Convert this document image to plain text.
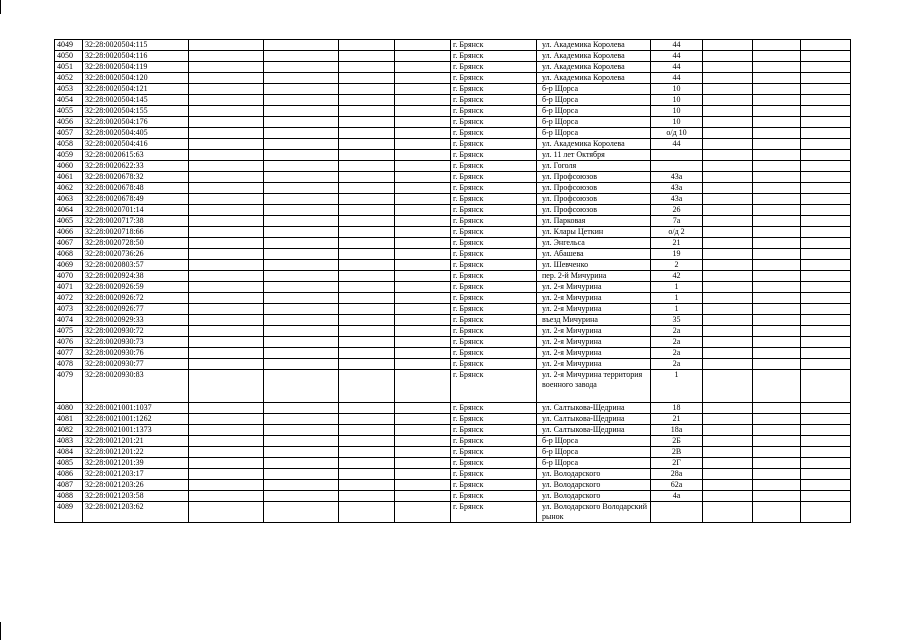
4049	32:28:0020504:115					г. Брянск	ул. Академика Королева	44			
4050	32:28:0020504:116					г. Брянск	ул. Академика Королева	44			
4051	32:28:0020504:119					г. Брянск	ул. Академика Королева	44			
4052	32:28:0020504:120					г. Брянск	ул. Академика Королева	44			
4053	32:28:0020504:121					г. Брянск	б-р Щорса	10			
4054	32:28:0020504:145					г. Брянск	б-р Щорса	10			
4055	32:28:0020504:155					г. Брянск	б-р Щорса	10			
4056	32:28:0020504:176					г. Брянск	б-р Щорса	10			
4057	32:28:0020504:405					г. Брянск	б-р Щорса	о/д 10			
4058	32:28:0020504:416					г. Брянск	ул. Академика Королева	44			
4059	32:28:0020615:63					г. Брянск	ул. 11 лет Октября				
4060	32:28:0020622:33					г. Брянск	ул. Гоголя				
4061	32:28:0020678:32					г. Брянск	ул. Профсоюзов	43а			
4062	32:28:0020678:48					г. Брянск	ул. Профсоюзов	43а			
4063	32:28:0020678:49					г. Брянск	ул. Профсоюзов	43а			
4064	32:28:0020701:14					г. Брянск	ул. Профсоюзов	26			
4065	32:28:0020717:38					г. Брянск	ул. Парковая	7а			
4066	32:28:0020718:66					г. Брянск	ул. Клары Цеткин	о/д 2			
4067	32:28:0020728:50					г. Брянск	ул. Энгельса	21			
4068	32:28:0020736:26					г. Брянск	ул. Абашева	19			
4069	32:28:0020803:57					г. Брянск	ул. Шевченко	2			
4070	32:28:0020924:38					г. Брянск	пер. 2-й Мичурина	42			
4071	32:28:0020926:59					г. Брянск	ул. 2-я Мичурина	1			
4072	32:28:0020926:72					г. Брянск	ул. 2-я Мичурина	1			
4073	32:28:0020926:77					г. Брянск	ул. 2-я Мичурина	1			
4074	32:28:0020929:33					г. Брянск	въезд Мичурина	35			
4075	32:28:0020930:72					г. Брянск	ул. 2-я Мичурина	2а			
4076	32:28:0020930:73					г. Брянск	ул. 2-я Мичурина	2а			
4077	32:28:0020930:76					г. Брянск	ул. 2-я Мичурина	2а			
4078	32:28:0020930:77					г. Брянск	ул. 2-я Мичурина	2а			
4079	32:28:0020930:83					г. Брянск	ул. 2-я Мичурина территория военного завода	1			
4080	32:28:0021001:1037					г. Брянск	ул. Салтыкова-Щедрина	18			
4081	32:28:0021001:1262					г. Брянск	ул. Салтыкова-Щедрина	21			
4082	32:28:0021001:1373					г. Брянск	ул. Салтыкова-Щедрина	18а			
4083	32:28:0021201:21					г. Брянск	б-р Щорса	2Б			
4084	32:28:0021201:22					г. Брянск	б-р Щорса	2В			
4085	32:28:0021201:39					г. Брянск	б-р Щорса	2Г			
4086	32:28:0021203:17					г. Брянск	ул. Володарского	28а			
4087	32:28:0021203:26					г. Брянск	ул. Володарского	62а			
4088	32:28:0021203:58					г. Брянск	ул. Володарского	4а			
4089	32:28:0021203:62					г. Брянск	ул. Володарского Володарский рынок				
